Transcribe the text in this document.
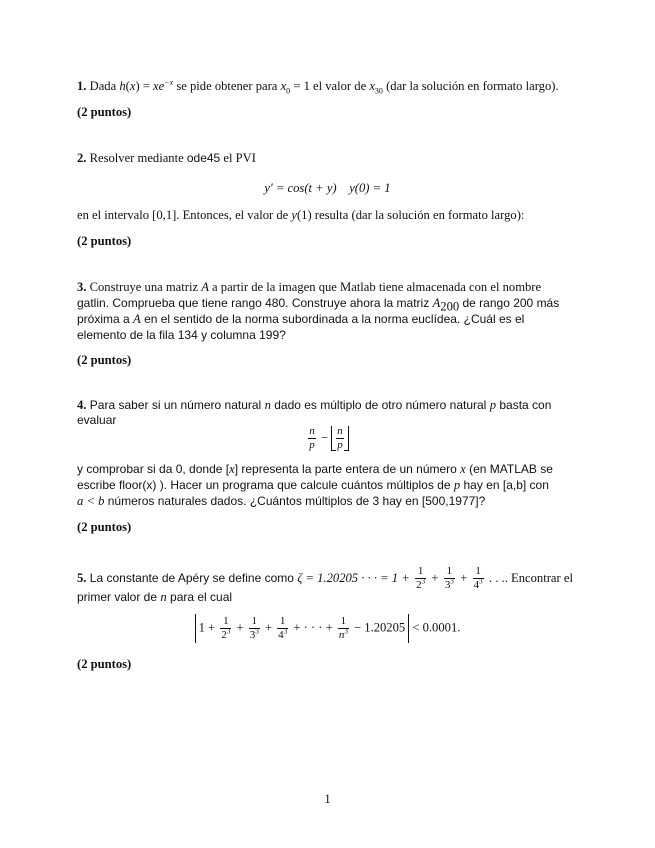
1. Dada $h(x) = xe^{-x}$ se pide obtener para $x_0 = 1$ el valor de $x_{30}$ (dar la solución en formato largo).
(2 puntos)
2. Resolver mediante ode45 el PVI
y′ = cos(t + y) y(0) = 1
en el intervalo [0,1]. Entonces, el valor de y(1) resulta (dar la solución en formato largo):
(2 puntos)
3. Construye una matriz A a partir de la imagen que Matlab tiene almacenada con el nombre
gatlin. Comprueba que tiene rango 480. Construye ahora la matriz $A_{200}$ de rango 200 más
próxima a A en el sentido de la norma subordinada a la norma euclídea. ¿Cuál es el
elemento de la fila 134 y columna 199?
(2 puntos)
4. Para saber si un número natural n dado es múltiplo de otro número natural p basta con
evaluar
$\frac{n}{p} - \frac{n}{p}$
y comprobar si da 0, donde [x] representa la parte entera de un número x (en MATLAB se
escribe floor(x) ). Hacer un programa que calcule cuántos múltiplos de p hay en [a,b] con
a < b números naturales dados. ¿Cuántos múltiplos de 3 hay en [500,1977]?
(2 puntos)
5. La constante de Apéry se define como ζ = 1.20205 · · · = $1 + \frac{1}{2^3} + \frac{1}{3^3} + \frac{1}{4^3}$ . . .. Encontrar el
primer valor de n para el cual
$1 + \frac{1}{2^3} + \frac{1}{3^3} + \frac{1}{4^3}$ + · · · + $\frac{1}{n^3} - 1.20205 < 0.0001$.
(2 puntos)
1
